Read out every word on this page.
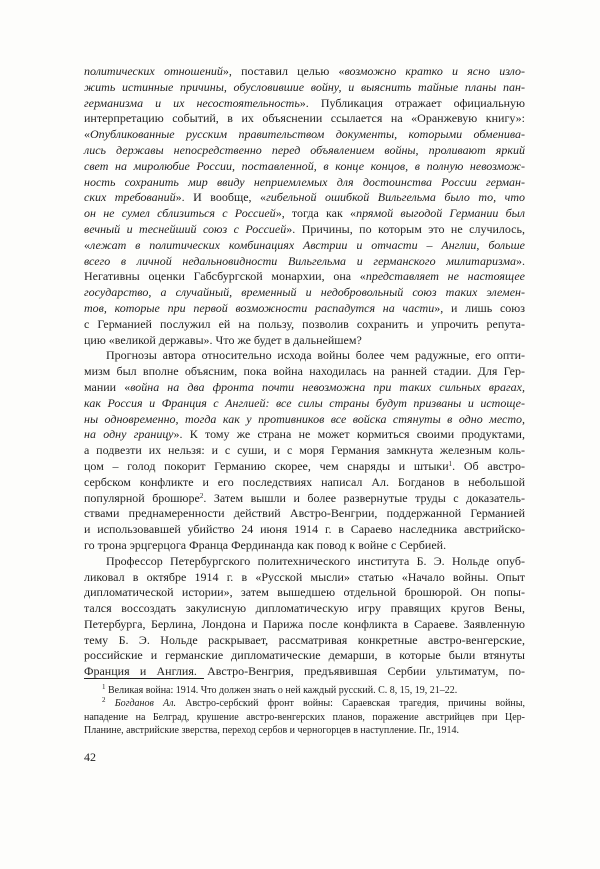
политических отношений», поставил целью «возможно кратко и ясно изло-
жить истинные причины, обусловившие войну, и выяснить тайные планы пан-
германизма и их несостоятельность». Публикация отражает официальную
интерпретацию событий, в их объяснении ссылается на «Оранжевую книгу»:
«Опубликованные русским правительством документы, которыми обменива-
лись державы непосредственно перед объявлением войны, проливают яркий
свет на миролюбие России, поставленной, в конце концов, в полную невозмож-
ность сохранить мир ввиду неприемлемых для достоинства России герман-
ских требований». И вообще, «гибельной ошибкой Вильгельма было то, что
он не сумел сблизиться с Россией», тогда как «прямой выгодой Германии был
вечный и теснейший союз с Россией». Причины, по которым это не случилось,
«лежат в политических комбинациях Австрии и отчасти – Англии, больше
всего в личной недальновидности Вильгельма и германского милитаризма».
Негативны оценки Габсбургской монархии, она «представляет не настоящее
государство, а случайный, временный и недобровольный союз таких элемен-
тов, которые при первой возможности распадутся на части», и лишь союз
с Германией послужил ей на пользу, позволив сохранить и упрочить репута-
цию «великой державы». Что же будет в дальнейшем?
Прогнозы автора относительно исхода войны более чем радужные, его опти-
мизм был вполне объясним, пока война находилась на ранней стадии. Для Гер-
мании «война на два фронта почти невозможна при таких сильных врагах,
как Россия и Франция с Англией: все силы страны будут призваны и истоще-
ны одновременно, тогда как у противников все войска стянуты в одно место,
на одну границу». К тому же страна не может кормиться своими продуктами,
а подвезти их нельзя: и с суши, и с моря Германия замкнута железным коль-
цом – голод покорит Германию скорее, чем снаряды и штыки$^1$. Об австро-
сербском конфликте и его последствиях написал Ал. Богданов в небольшой
популярной брошюре$^2$. Затем вышли и более развернутые труды с доказатель-
ствами преднамеренности действий Австро-Венгрии, поддержанной Германией
и использовавшей убийство 24 июня 1914 г. в Сараево наследника австрийско-
го трона эрцгерцога Франца Фердинанда как повод к войне с Сербией.
Профессор Петербургского политехнического института Б. Э. Нольде опуб-
ликовал в октябре 1914 г. в «Русской мысли» статью «Начало войны. Опыт
дипломатической истории», затем вышедшею отдельной брошюрой. Он попы-
тался воссоздать закулисную дипломатическую игру правящих кругов Вены,
Петербурга, Берлина, Лондона и Парижа после конфликта в Сараеве. Заявленную
тему Б. Э. Нольде раскрывает, рассматривая конкретные австро-венгерские,
российские и германские дипломатические демарши, в которые были втянуты
Франция и Англия. Австро-Венгрия, предъявившая Сербии ультиматум, по-
$^1$ Великая война: 1914. Что должен знать о ней каждый русский. С. 8, 15, 19, 21–22.
$^2$ Богданов Ал. Австро-сербский фронт войны: Сараевская трагедия, причины войны,
нападение на Белград, крушение австро-венгерских планов, поражение австрийцев при Цер-
Планине, австрийские зверства, переход сербов и черногорцев в наступление. Пг., 1914.
42
